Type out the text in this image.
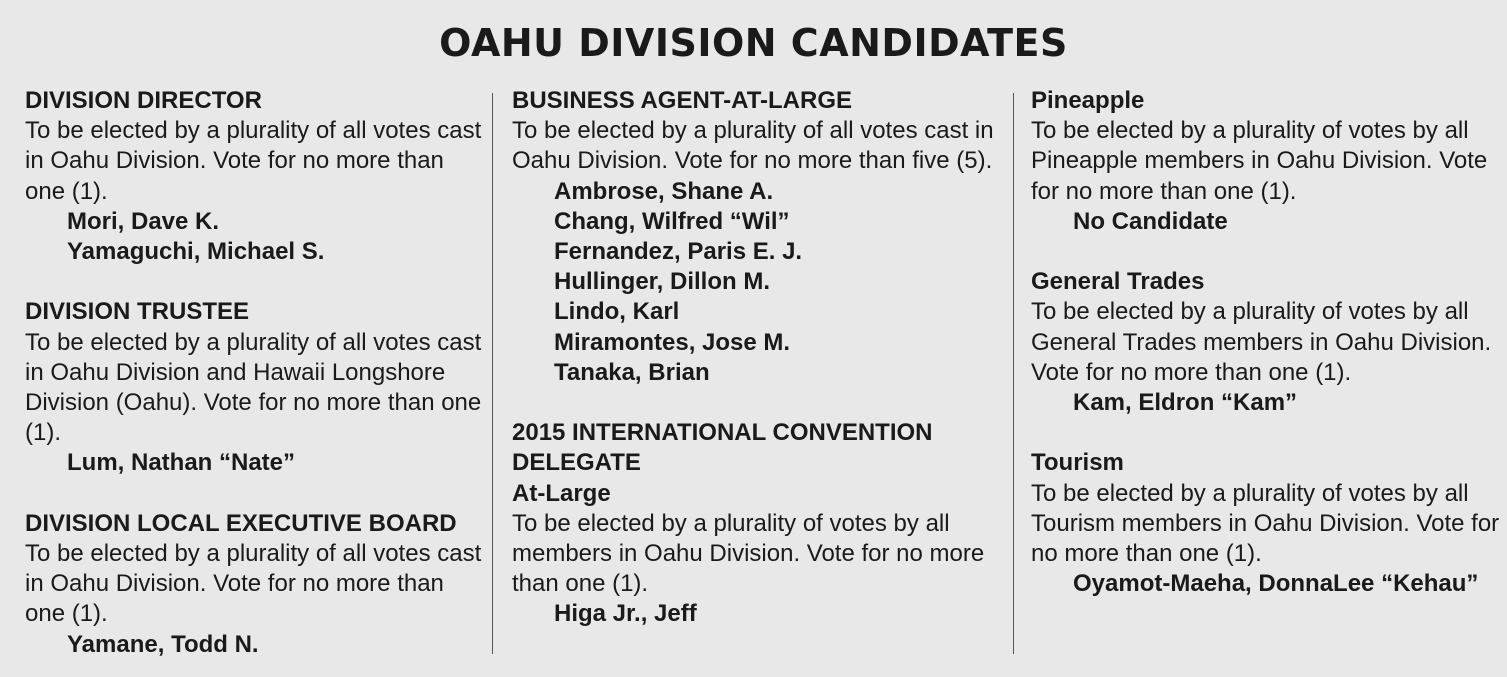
OAHU DIVISION CANDIDATES
DIVISION DIRECTOR
To be elected by a plurality of all votes cast in Oahu Division. Vote for no more than one (1).
Mori, Dave K.
Yamaguchi, Michael S.
DIVISION TRUSTEE
To be elected by a plurality of all votes cast in Oahu Division and Hawaii Longshore Division (Oahu). Vote for no more than one (1).
Lum, Nathan “Nate”
DIVISION LOCAL EXECUTIVE BOARD
To be elected by a plurality of all votes cast in Oahu Division. Vote for no more than one (1).
Yamane, Todd N.
BUSINESS AGENT-AT-LARGE
To be elected by a plurality of all votes cast in Oahu Division. Vote for no more than five (5).
Ambrose, Shane A.
Chang, Wilfred “Wil”
Fernandez, Paris E. J.
Hullinger, Dillon M.
Lindo, Karl
Miramontes, Jose M.
Tanaka, Brian
2015 INTERNATIONAL CONVENTION DELEGATE
At-Large
To be elected by a plurality of votes by all members in Oahu Division. Vote for no more than one (1).
Higa Jr., Jeff
Pineapple
To be elected by a plurality of votes by all Pineapple members in Oahu Division. Vote for no more than one (1).
No Candidate
General Trades
To be elected by a plurality of votes by all General Trades members in Oahu Division. Vote for no more than one (1).
Kam, Eldron “Kam”
Tourism
To be elected by a plurality of votes by all Tourism members in Oahu Division. Vote for no more than one (1).
Oyamot-Maeha, DonnaLee “Kehau”
